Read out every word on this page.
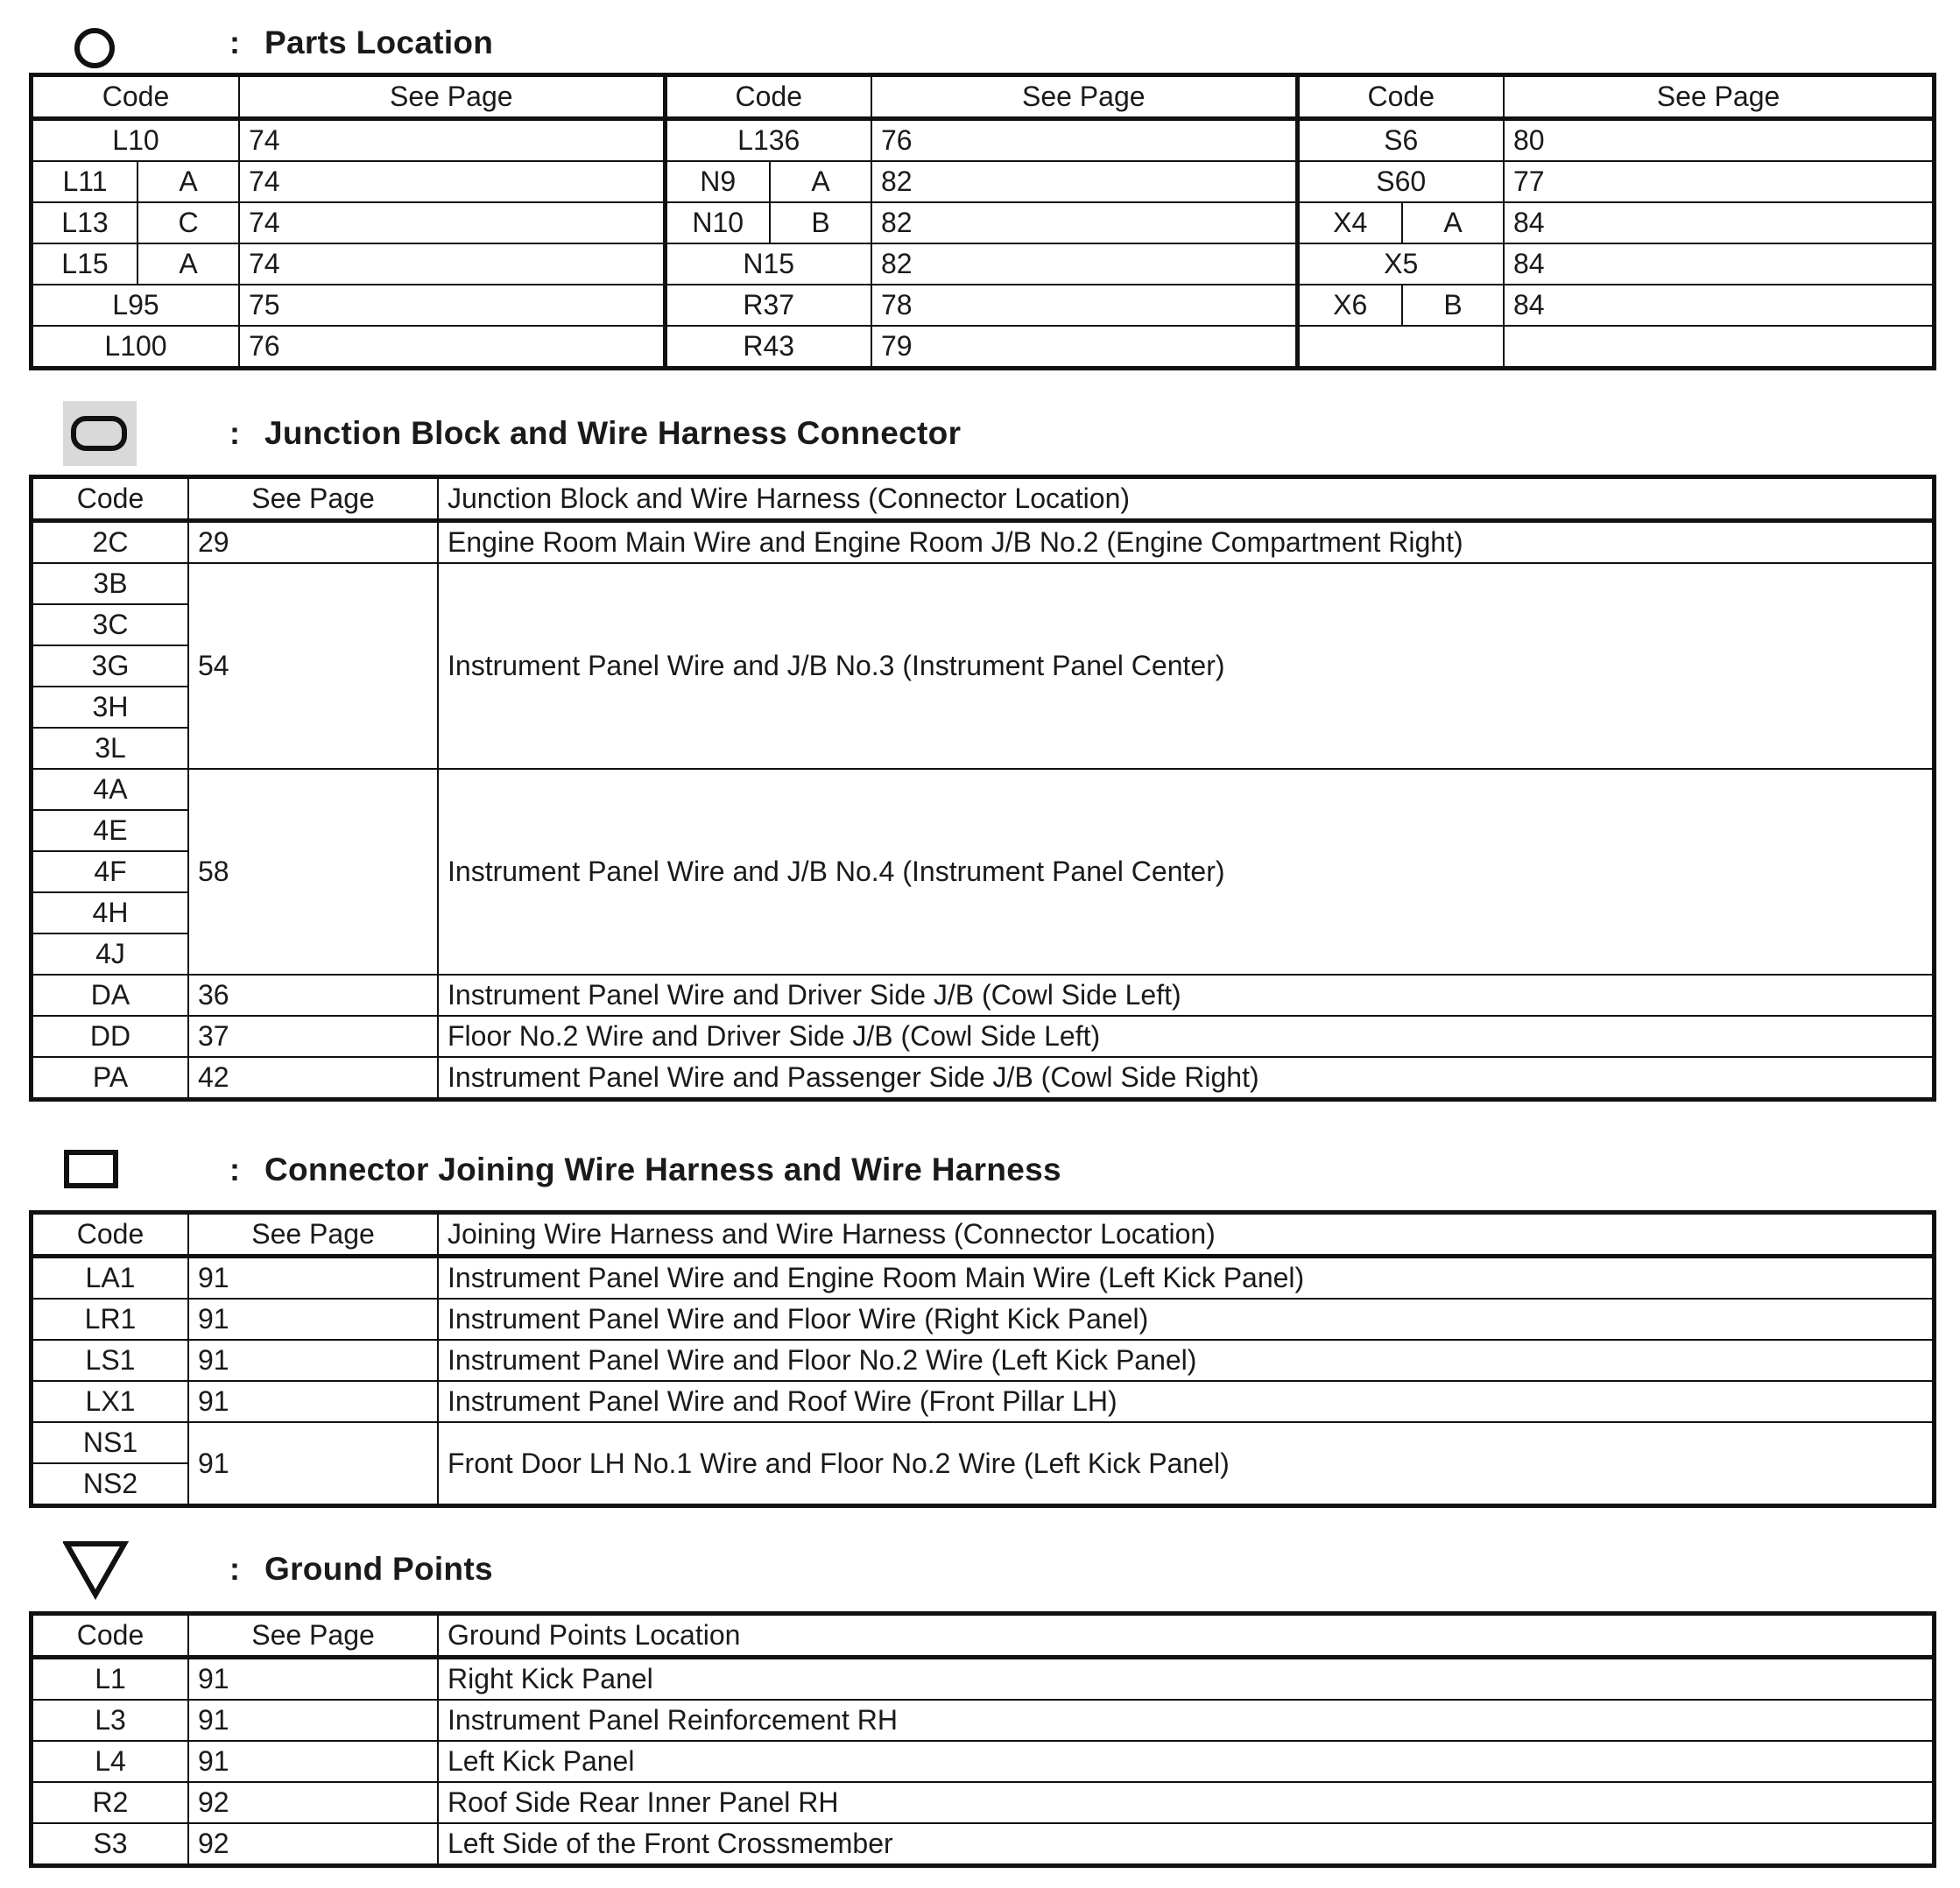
: Parts Location
Code		See Page	Code		See Page	Code		See Page
L10		74	L136		76	S6		80
L11	A	74	N9	A	82	S60		77
L13	C	74	N10	B	82	X4	A	84
L15	A	74	N15		82	X5		84
L95		75	R37		78	X6	B	84
L100		76	R43		79			
: Junction Block and Wire Harness Connector
Code	See Page	Junction Block and Wire Harness (Connector Location)
2C	29	Engine Room Main Wire and Engine Room J/B No.2 (Engine Compartment Right)
3B	54	Instrument Panel Wire and J/B No.3 (Instrument Panel Center)
3C		
3G		
3H		
3L		
4A	58	Instrument Panel Wire and J/B No.4 (Instrument Panel Center)
4E		
4F		
4H		
4J		
DA	36	Instrument Panel Wire and Driver Side J/B (Cowl Side Left)
DD	37	Floor No.2 Wire and Driver Side J/B (Cowl Side Left)
PA	42	Instrument Panel Wire and Passenger Side J/B (Cowl Side Right)
: Connector Joining Wire Harness and Wire Harness
Code	See Page	Joining Wire Harness and Wire Harness (Connector Location)
LA1	91	Instrument Panel Wire and Engine Room Main Wire (Left Kick Panel)
LR1	91	Instrument Panel Wire and Floor Wire (Right Kick Panel)
LS1	91	Instrument Panel Wire and Floor No.2 Wire (Left Kick Panel)
LX1	91	Instrument Panel Wire and Roof Wire (Front Pillar LH)
NS1	91	Front Door LH No.1 Wire and Floor No.2 Wire (Left Kick Panel)
NS2		
: Ground Points
Code	See Page	Ground Points Location
L1	91	Right Kick Panel
L3	91	Instrument Panel Reinforcement RH
L4	91	Left Kick Panel
R2	92	Roof Side Rear Inner Panel RH
S3	92	Left Side of the Front Crossmember
